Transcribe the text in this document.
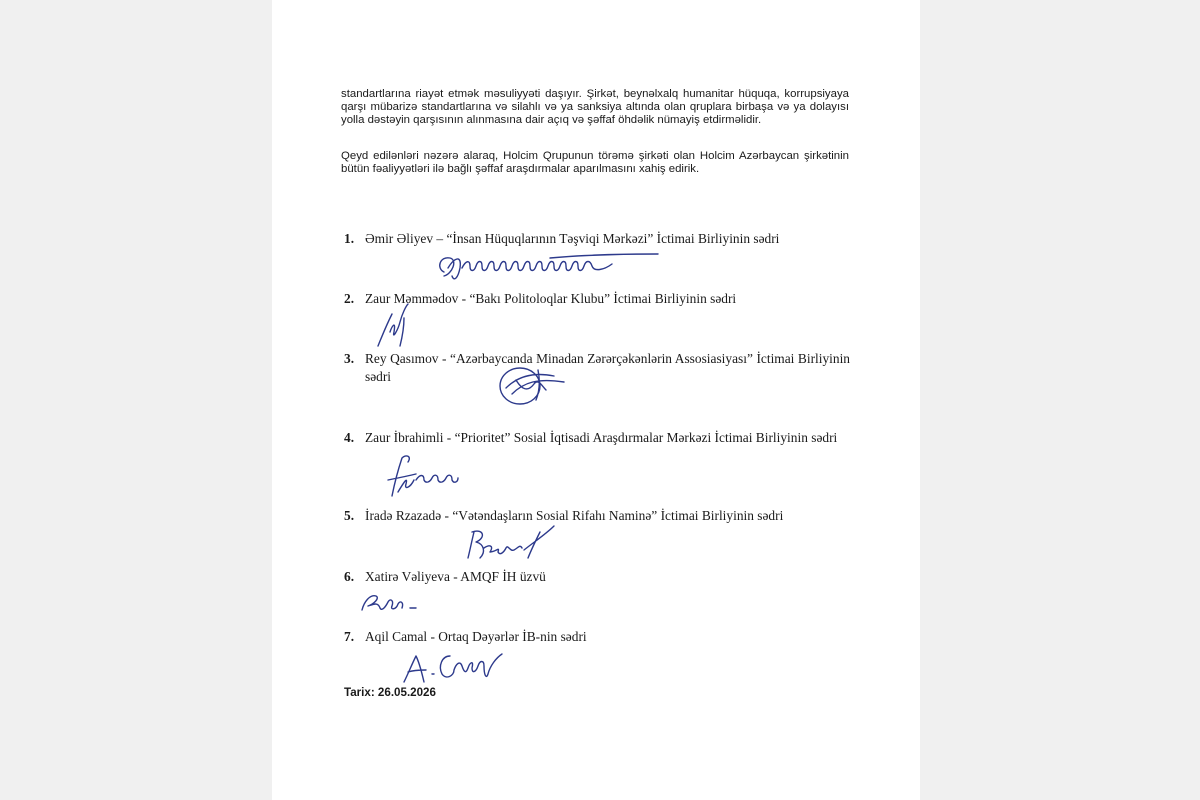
standartlarına riayət etmək məsuliyyəti daşıyır. Şirkət, beynəlxalq humanitar hüquqa, korrupsiyaya qarşı mübarizə standartlarına və silahlı və ya sanksiya altında olan qruplara birbaşa və ya dolayısı yolla dəstəyin qarşısının alınmasına dair açıq və şəffaf öhdəlik nümayiş etdirməlidir.

Qeyd edilənləri nəzərə alaraq, Holcim Qrupunun törəmə şirkəti olan Holcim Azərbaycan şirkətinin bütün fəaliyyətləri ilə bağlı şəffaf araşdırmalar aparılmasını xahiş edirik.

1. Əmir Əliyev – “İnsan Hüquqlarının Təşviqi Mərkəzi” İctimai Birliyinin sədri
2. Zaur Məmmədov - “Bakı Politoloqlar Klubu” İctimai Birliyinin sədri
3. Rey Qasımov - “Azərbaycanda Minadan Zərərçəkənlərin Assosiasiyası” İctimai Birliyinin sədri
4. Zaur İbrahimli - “Prioritet” Sosial İqtisadi Araşdırmalar Mərkəzi İctimai Birliyinin sədri
5. İradə Rzazadə - “Vətəndaşların Sosial Rifahı Naminə” İctimai Birliyinin sədri
6. Xatirə Vəliyeva - AMQF İH üzvü
7. Aqil Camal - Ortaq Dəyərlər İB-nin sədri
Tarix: 26.05.2026
